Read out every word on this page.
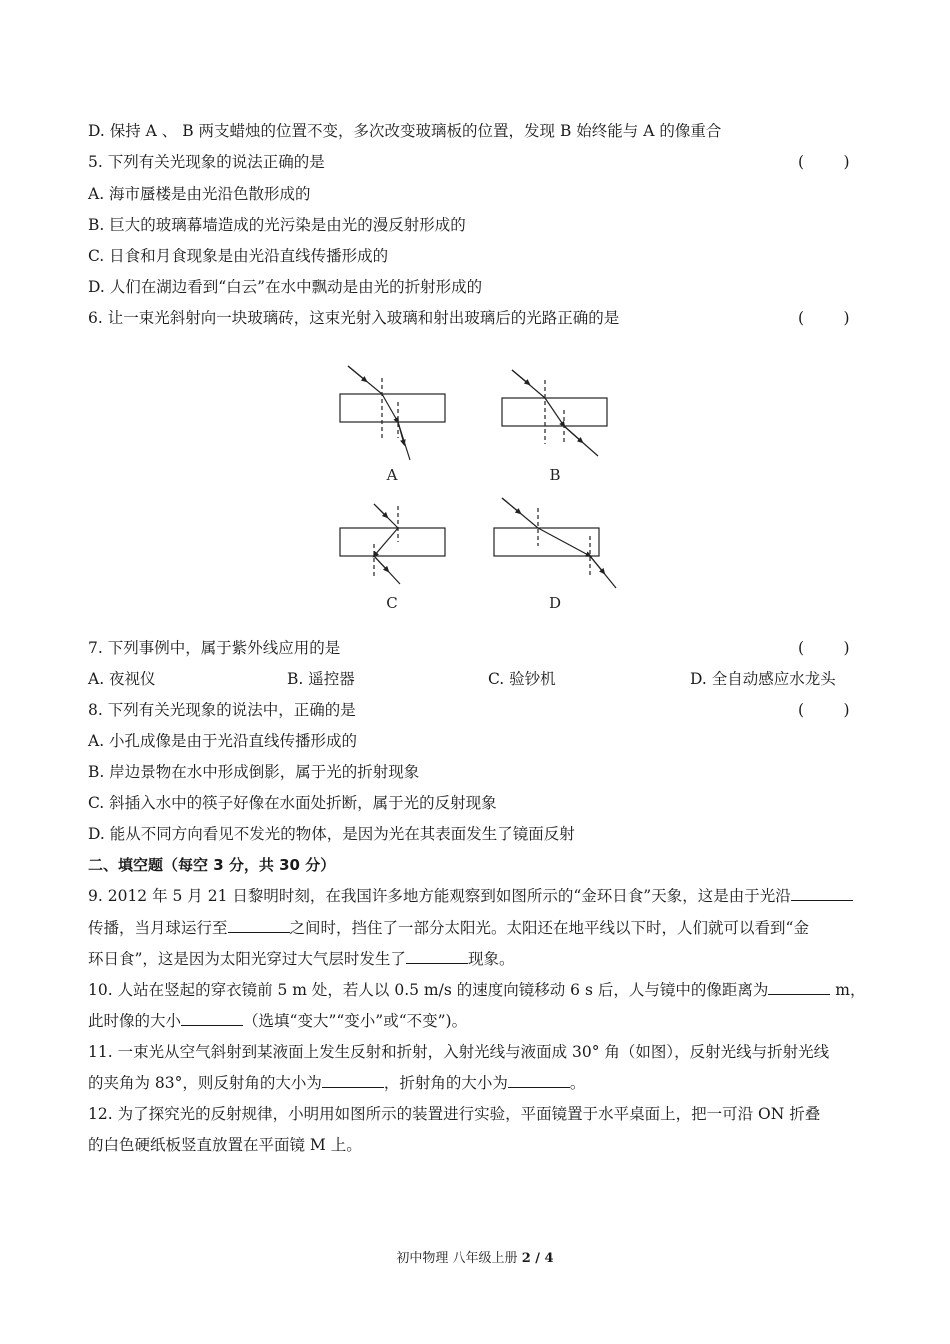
D. 保持 A 、 B 两支蜡烛的位置不变，多次改变玻璃板的位置，发现 B 始终能与 A 的像重合
5. 下列有关光现象的说法正确的是	(        )
A. 海市蜃楼是由光沿色散形成的
B. 巨大的玻璃幕墙造成的光污染是由光的漫反射形成的
C. 日食和月食现象是由光沿直线传播形成的
D. 人们在湖边看到“白云”在水中飘动是由光的折射形成的
6. 让一束光斜射向一块玻璃砖，这束光射入玻璃和射出玻璃后的光路正确的是	(        )
A	B
C	D
7. 下列事例中，属于紫外线应用的是	(        )
A. 夜视仪	B. 遥控器	C. 验钞机	D. 全自动感应水龙头
8. 下列有关光现象的说法中，正确的是	(        )
A. 小孔成像是由于光沿直线传播形成的
B. 岸边景物在水中形成倒影，属于光的折射现象
C. 斜插入水中的筷子好像在水面处折断，属于光的反射现象
D. 能从不同方向看见不发光的物体，是因为光在其表面发生了镜面反射
二、填空题（每空 3 分，共 30 分）
9. 2012 年 5 月 21 日黎明时刻，在我国许多地方能观察到如图所示的“金环日食”天象，这是由于光沿
传播，当月球运行至	之间时，挡住了一部分太阳光。太阳还在地平线以下时，人们就可以看到“金
环日食”，这是因为太阳光穿过大气层时发生了	现象。
10. 人站在竖起的穿衣镜前 5 m 处，若人以 0.5 m/s 的速度向镜移动 6 s 后，人与镜中的像距离为	m，
此时像的大小	（选填“变大”“变小”或“不变”)。
11. 一束光从空气斜射到某液面上发生反射和折射，入射光线与液面成 30° 角（如图），反射光线与折射光线
的夹角为 83°，则反射角的大小为	，折射角的大小为	。
12. 为了探究光的反射规律，小明用如图所示的装置进行实验，平面镜置于水平桌面上，把一可沿 ON 折叠
的白色硬纸板竖直放置在平面镜 M 上。
初中物理 八年级上册 2 / 4
